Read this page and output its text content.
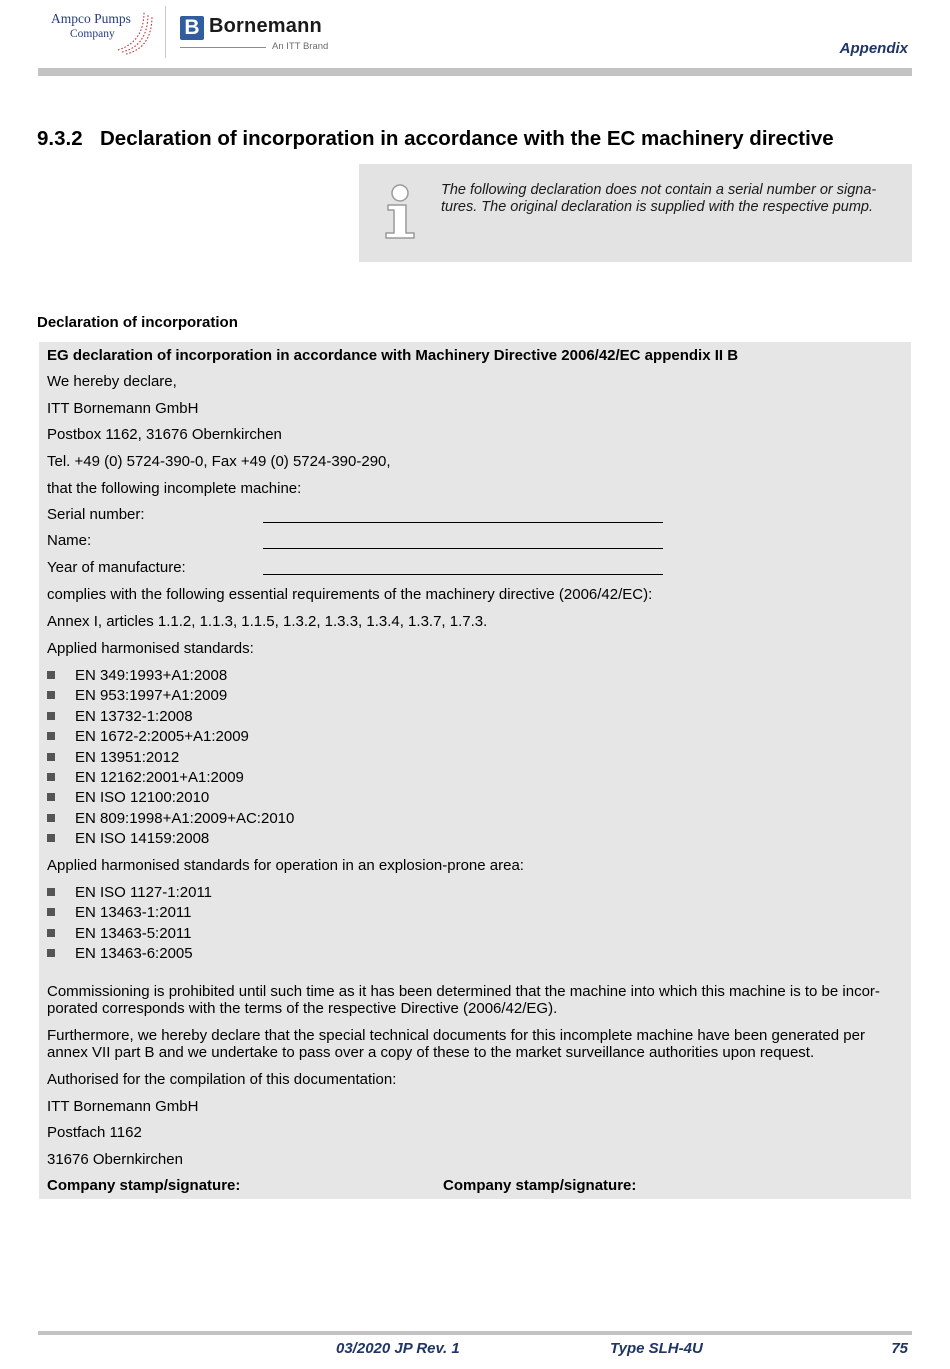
Ampco Pumps
Company	B Bornemann
An ITT Brand	Appendix
9.3.2 Declaration of incorporation in accordance with the EC machinery directive
The following declaration does not contain a serial number or signa-
tures. The original declaration is supplied with the respective pump.
Declaration of incorporation
EG declaration of incorporation in accordance with Machinery Directive 2006/42/EC appendix II B
We hereby declare,
ITT Bornemann GmbH
Postbox 1162, 31676 Obernkirchen
Tel. +49 (0) 5724-390-0, Fax +49 (0) 5724-390-290,
that the following incomplete machine:
Serial number:
Name:
Year of manufacture:
complies with the following essential requirements of the machinery directive (2006/42/EC):
Annex I, articles 1.1.2, 1.1.3, 1.1.5, 1.3.2, 1.3.3, 1.3.4, 1.3.7, 1.7.3.
Applied harmonised standards:
EN 349:1993+A1:2008
EN 953:1997+A1:2009
EN 13732-1:2008
EN 1672-2:2005+A1:2009
EN 13951:2012
EN 12162:2001+A1:2009
EN ISO 12100:2010
EN 809:1998+A1:2009+AC:2010
EN ISO 14159:2008
Applied harmonised standards for operation in an explosion-prone area:
EN ISO 1127-1:2011
EN 13463-1:2011
EN 13463-5:2011
EN 13463-6:2005
Commissioning is prohibited until such time as it has been determined that the machine into which this machine is to be incor-
porated corresponds with the terms of the respective Directive (2006/42/EG).
Furthermore, we hereby declare that the special technical documents for this incomplete machine have been generated per
annex VII part B and we undertake to pass over a copy of these to the market surveillance authorities upon request.
Authorised for the compilation of this documentation:
ITT Bornemann GmbH
Postfach 1162
31676 Obernkirchen
Company stamp/signature:	Company stamp/signature:
03/2020 JP Rev. 1	Type SLH-4U	75
